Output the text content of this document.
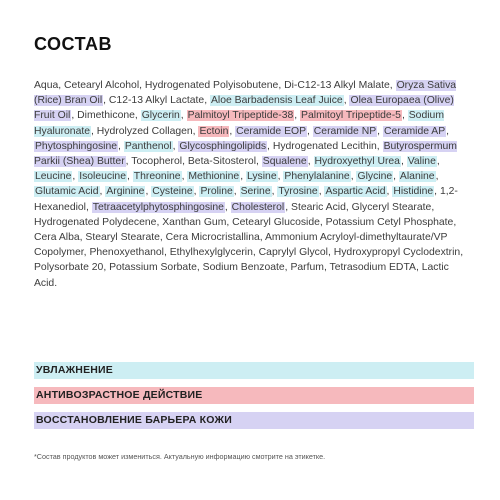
СОСТАВ
Aqua, Cetearyl Alcohol, Hydrogenated Polyisobutene, Di-C12-13 Alkyl Malate, Oryza Sativa (Rice) Bran Oil, C12-13 Alkyl Lactate, Aloe Barbadensis Leaf Juice, Olea Europaea (Olive) Fruit Oil, Dimethicone, Glycerin, Palmitoyl Tripeptide-38, Palmitoyl Tripeptide-5, Sodium Hyaluronate, Hydrolyzed Collagen, Ectoin, Ceramide EOP, Ceramide NP, Ceramide AP, Phytosphingosine, Panthenol, Glycosphingolipids, Hydrogenated Lecithin, Butyrospermum Parkii (Shea) Butter, Tocopherol, Beta-Sitosterol, Squalene, Hydroxyethyl Urea, Valine, Leucine, Isoleucine, Threonine, Methionine, Lysine, Phenylalanine, Glycine, Alanine, Glutamic Acid, Arginine, Cysteine, Proline, Serine, Tyrosine, Aspartic Acid, Histidine, 1,2-Hexanediol, Tetraacetylphytosphingosine, Cholesterol, Stearic Acid, Glyceryl Stearate, Hydrogenated Polydecene, Xanthan Gum, Cetearyl Glucoside, Potassium Cetyl Phosphate, Cera Alba, Stearyl Stearate, Cera Microcristallina, Ammonium Acryloyl-dimethyltaurate/VP Copolymer, Phenoxyethanol, Ethylhexylglycerin, Caprylyl Glycol, Hydroxypropyl Cyclodextrin, Polysorbate 20, Potassium Sorbate, Sodium Benzoate, Parfum, Tetrasodium EDTA, Lactic Acid.
УВЛАЖНЕНИЕ
АНТИВОЗРАСТНОЕ ДЕЙСТВИЕ
ВОССТАНОВЛЕНИЕ БАРЬЕРА КОЖИ
*Состав продуктов может измениться. Актуальную информацию смотрите на этикетке.
